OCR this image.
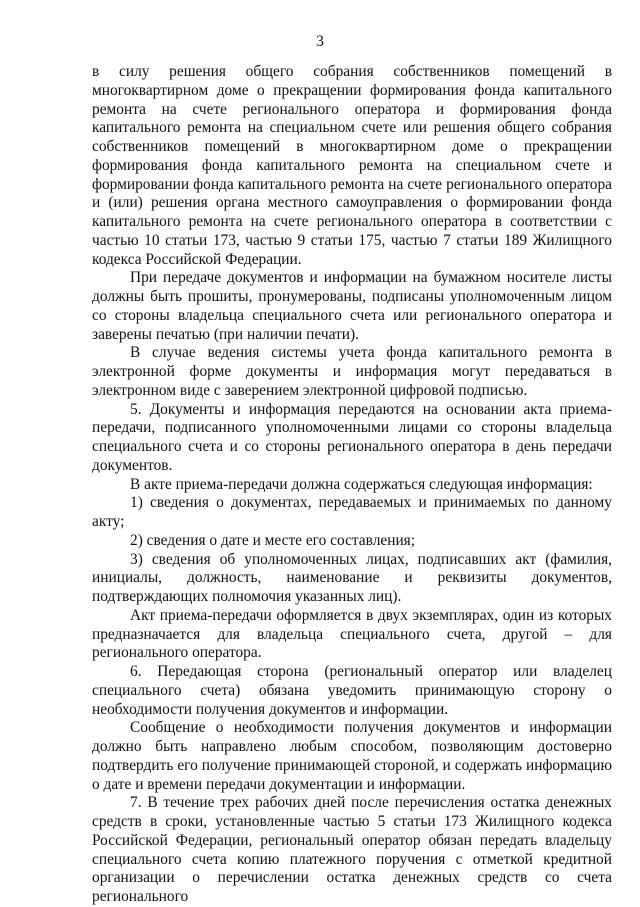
3

в силу решения общего собрания собственников помещений в многоквартирном доме о прекращении формирования фонда капитального ремонта на счете регионального оператора и формирования фонда капитального ремонта на специальном счете или решения общего собрания собственников помещений в многоквартирном доме о прекращении формирования фонда капитального ремонта на специальном счете и формировании фонда капитального ремонта на счете регионального оператора и (или) решения органа местного самоуправления о формировании фонда капитального ремонта на счете регионального оператора в соответствии с частью 10 статьи 173, частью 9 статьи 175, частью 7 статьи 189 Жилищного кодекса Российской Федерации.

При передаче документов и информации на бумажном носителе листы должны быть прошиты, пронумерованы, подписаны уполномоченным лицом со стороны владельца специального счета или регионального оператора и заверены печатью (при наличии печати).

В случае ведения системы учета фонда капитального ремонта в электронной форме документы и информация могут передаваться в электронном виде с заверением электронной цифровой подписью.

5. Документы и информация передаются на основании акта приема-передачи, подписанного уполномоченными лицами со стороны владельца специального счета и со стороны регионального оператора в день передачи документов.

В акте приема-передачи должна содержаться следующая информация:

1) сведения о документах, передаваемых и принимаемых по данному акту;

2) сведения о дате и месте его составления;

3) сведения об уполномоченных лицах, подписавших акт (фамилия, инициалы, должность, наименование и реквизиты документов, подтверждающих полномочия указанных лиц).

Акт приема-передачи оформляется в двух экземплярах, один из которых предназначается для владельца специального счета, другой – для регионального оператора.

6. Передающая сторона (региональный оператор или владелец специального счета) обязана уведомить принимающую сторону о необходимости получения документов и информации.

Сообщение о необходимости получения документов и информации должно быть направлено любым способом, позволяющим достоверно подтвердить его получение принимающей стороной, и содержать информацию о дате и времени передачи документации и информации.

7. В течение трех рабочих дней после перечисления остатка денежных средств в сроки, установленные частью 5 статьи 173 Жилищного кодекса Российской Федерации, региональный оператор обязан передать владельцу специального счета копию платежного поручения с отметкой кредитной организации о перечислении остатка денежных средств со счета регионального
